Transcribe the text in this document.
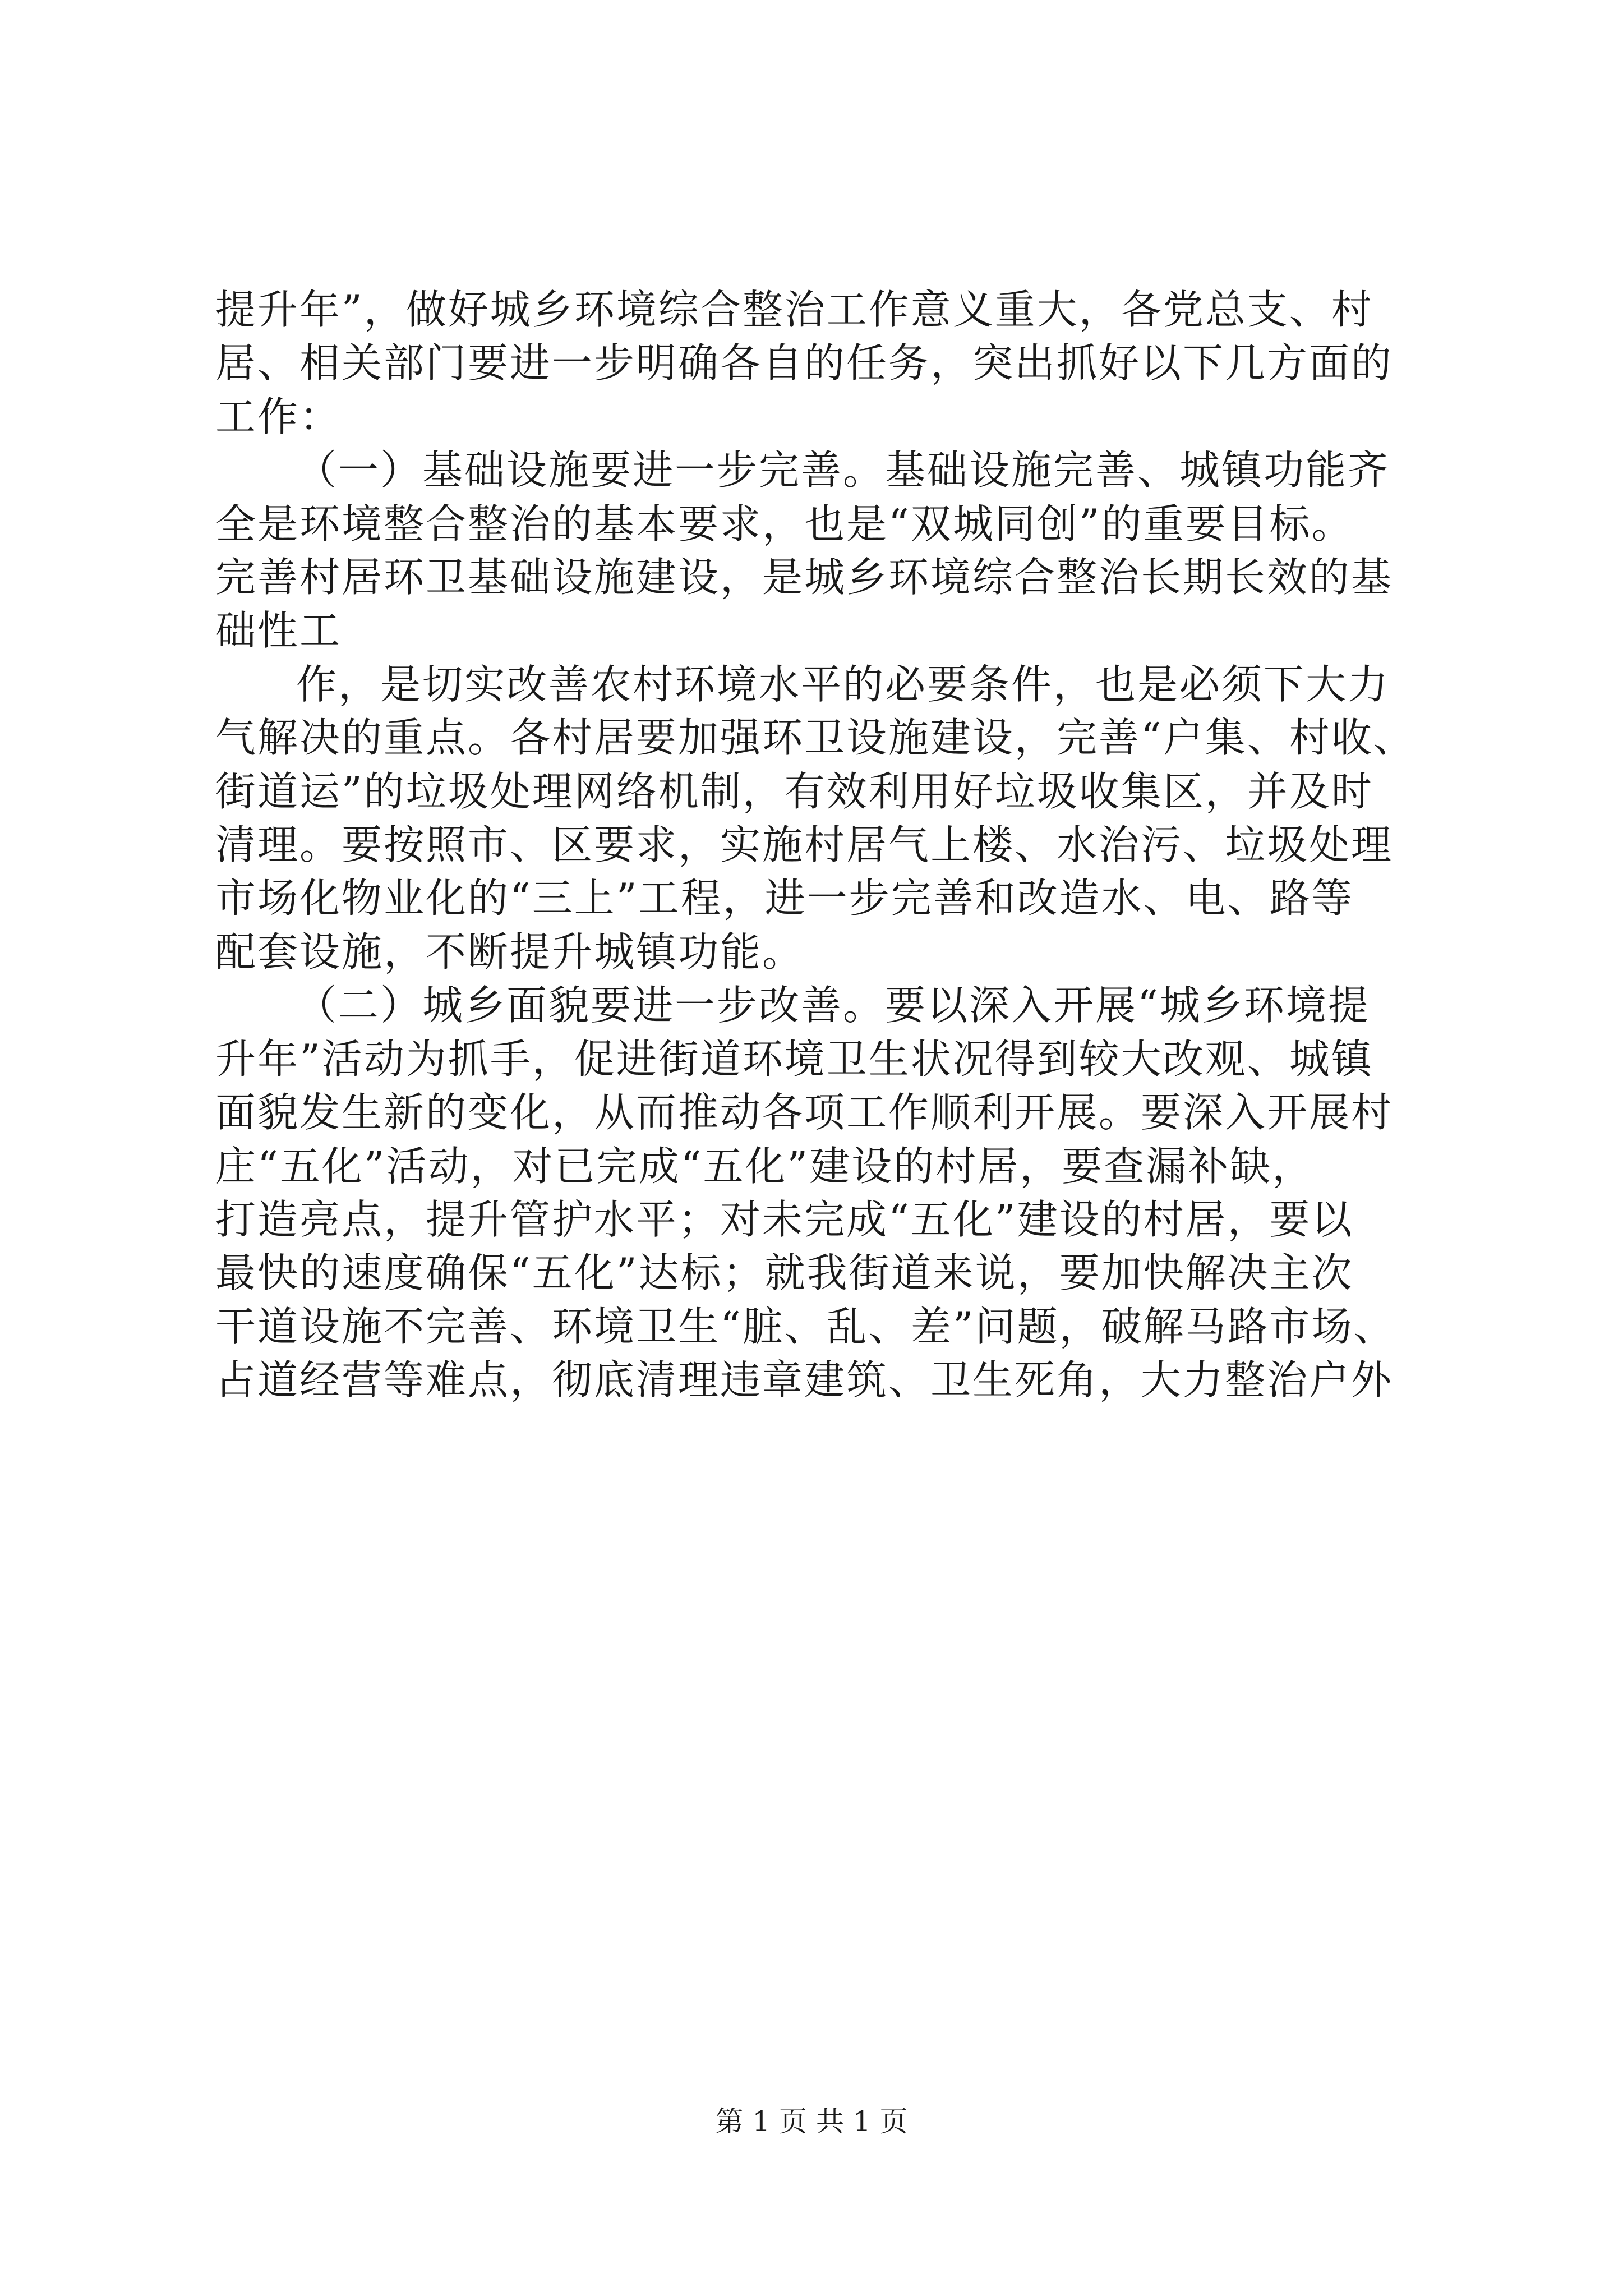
提升年”，做好城乡环境综合整治工作意义重大，各党总支、村
居、相关部门要进一步明确各自的任务，突出抓好以下几方面的
工作：

（一）基础设施要进一步完善。基础设施完善、城镇功能齐
全是环境整合整治的基本要求，也是“双城同创”的重要目标。
完善村居环卫基础设施建设，是城乡环境综合整治长期长效的基
础性工

作，是切实改善农村环境水平的必要条件，也是必须下大力
气解决的重点。各村居要加强环卫设施建设，完善“户集、村收、
街道运”的垃圾处理网络机制，有效利用好垃圾收集区，并及时
清理。要按照市、区要求，实施村居气上楼、水治污、垃圾处理
市场化物业化的“三上”工程，进一步完善和改造水、电、路等
配套设施，不断提升城镇功能。

（二）城乡面貌要进一步改善。要以深入开展“城乡环境提
升年”活动为抓手，促进街道环境卫生状况得到较大改观、城镇
面貌发生新的变化，从而推动各项工作顺利开展。要深入开展村
庄“五化”活动，对已完成“五化”建设的村居，要查漏补缺，
打造亮点，提升管护水平；对未完成“五化”建设的村居，要以
最快的速度确保“五化”达标；就我街道来说，要加快解决主次
干道设施不完善、环境卫生“脏、乱、差”问题，破解马路市场、
占道经营等难点，彻底清理违章建筑、卫生死角，大力整治户外

第 1 页 共 1 页
